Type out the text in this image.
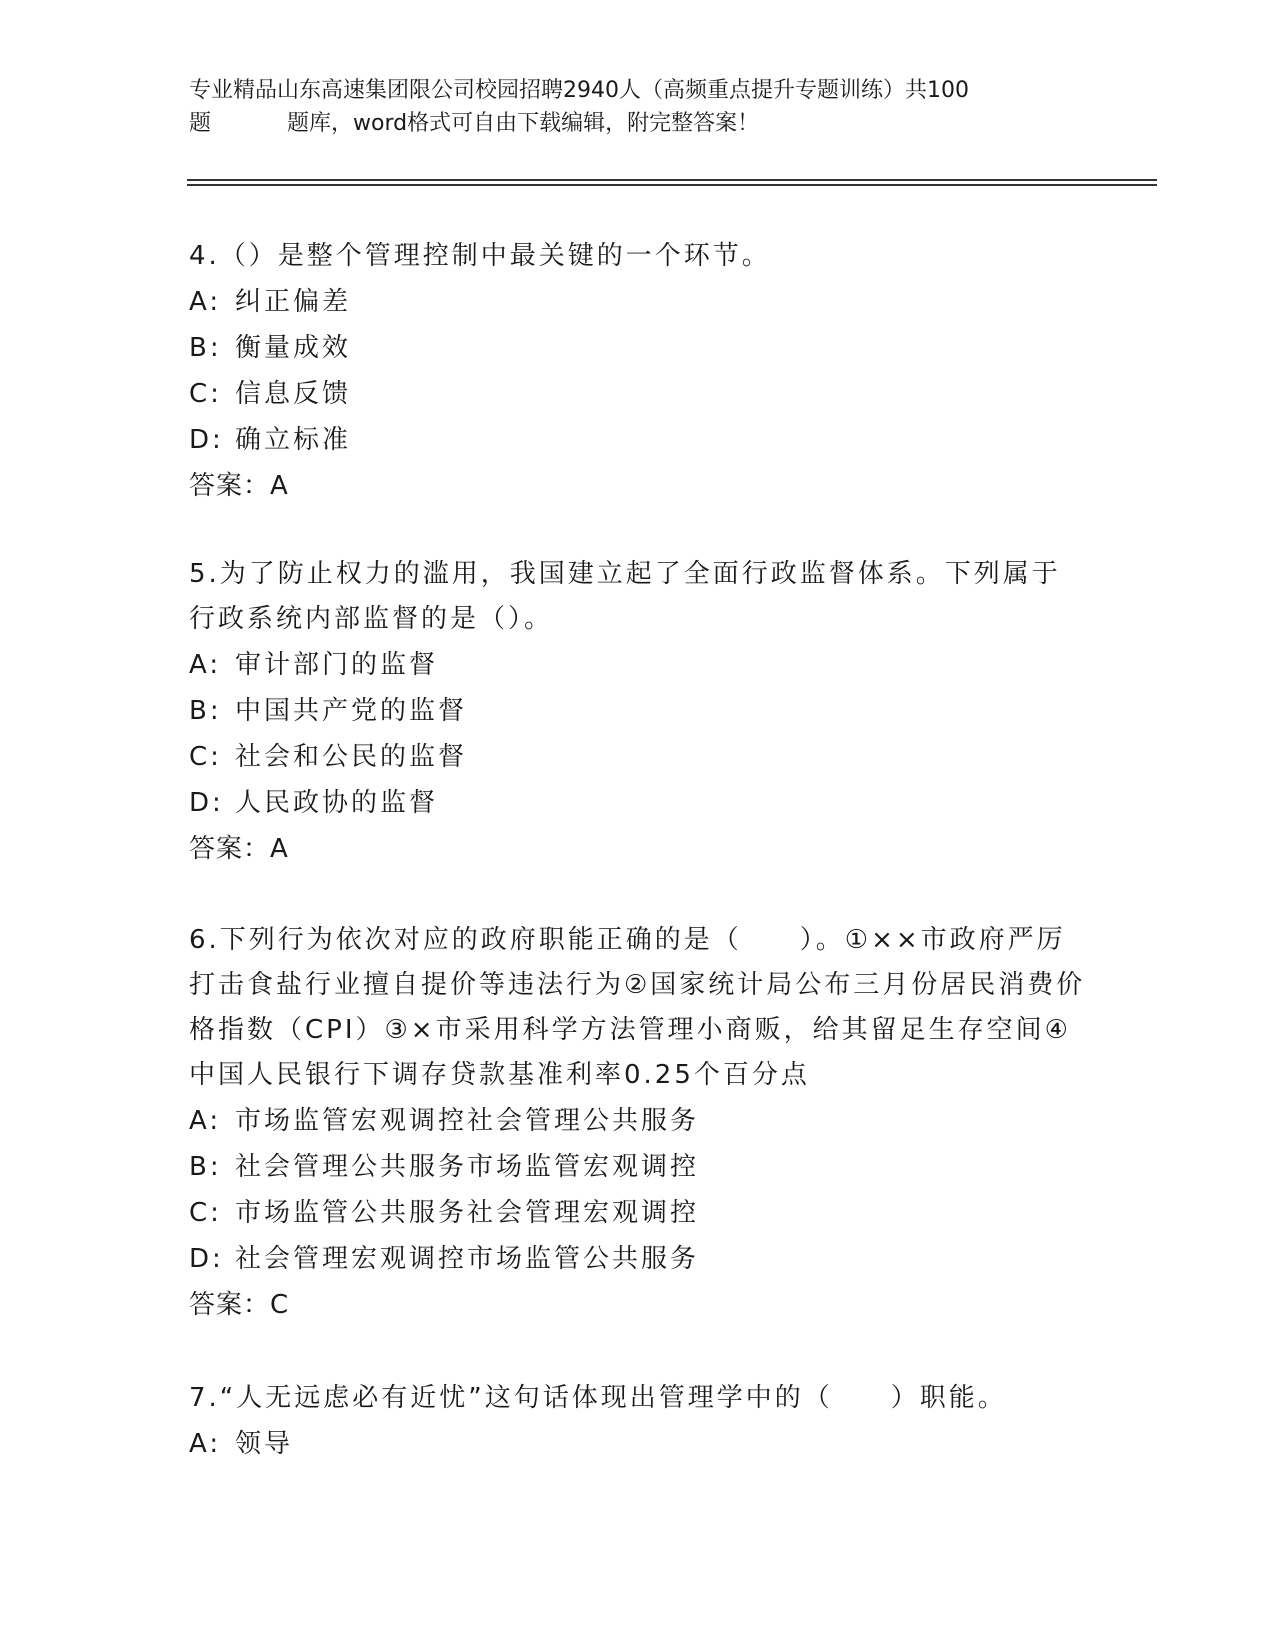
专业精品山东高速集团限公司校园招聘2940人（高频重点提升专题训练）共100
题	题库，word格式可自由下载编辑，附完整答案！

4.（）是整个管理控制中最关键的一个环节。

A: 纠正偏差

B: 衡量成效

C: 信息反馈

D: 确立标准

答案：A

5.为了防止权力的滥用，我国建立起了全面行政监督体系。下列属于行政系统内部监督的是（）。

A: 审计部门的监督

B: 中国共产党的监督

C: 社会和公民的监督

D: 人民政协的监督

答案：A

6.下列行为依次对应的政府职能正确的是（　　）。①××市政府严厉打击食盐行业擅自提价等违法行为②国家统计局公布三月份居民消费价格指数（CPI）③×市采用科学方法管理小商贩，给其留足生存空间④中国人民银行下调存贷款基准利率0.25个百分点

A: 市场监管宏观调控社会管理公共服务

B: 社会管理公共服务市场监管宏观调控

C: 市场监管公共服务社会管理宏观调控

D: 社会管理宏观调控市场监管公共服务

答案：C

7.“人无远虑必有近忧”这句话体现出管理学中的（　　）职能。

A: 领导
